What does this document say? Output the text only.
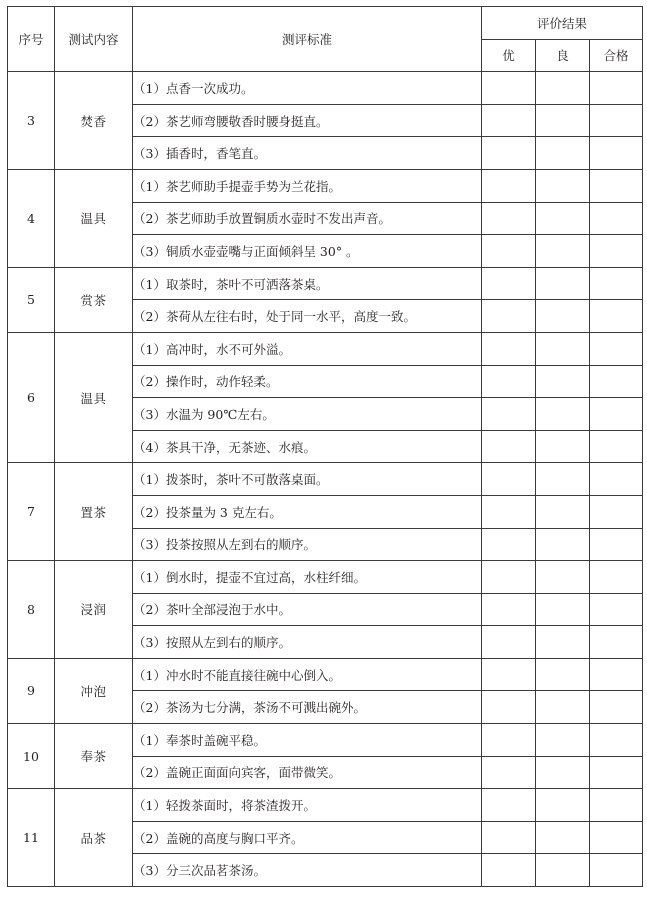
序号	测试内容	测评标准	评价结果		
			优	良	合格
3	焚香	（1）点香一次成功。			
		（2）茶艺师弯腰敬香时腰身挺直。			
		（3）插香时，香笔直。			
4	温具	（1）茶艺师助手提壶手势为兰花指。			
		（2）茶艺师助手放置铜质水壶时不发出声音。			
		（3）铜质水壶壶嘴与正面倾斜呈 30° 。			
5	赏茶	（1）取茶时，茶叶不可洒落茶桌。			
		（2）茶荷从左往右时，处于同一水平，高度一致。			
6	温具	（1）高冲时，水不可外溢。			
		（2）操作时，动作轻柔。			
		（3）水温为 90℃左右。			
		（4）茶具干净，无茶迹、水痕。			
7	置茶	（1）拨茶时，茶叶不可散落桌面。			
		（2）投茶量为 3 克左右。			
		（3）投茶按照从左到右的顺序。			
8	浸润	（1）倒水时，提壶不宜过高，水柱纤细。			
		（2）茶叶全部浸泡于水中。			
		（3）按照从左到右的顺序。			
9	冲泡	（1）冲水时不能直接往碗中心倒入。			
		（2）茶汤为七分满，茶汤不可溅出碗外。			
10	奉茶	（1）奉茶时盖碗平稳。			
		（2）盖碗正面面向宾客，面带微笑。			
11	品茶	（1）轻拨茶面时，将茶渣拨开。			
		（2）盖碗的高度与胸口平齐。			
		（3）分三次品茗茶汤。			
